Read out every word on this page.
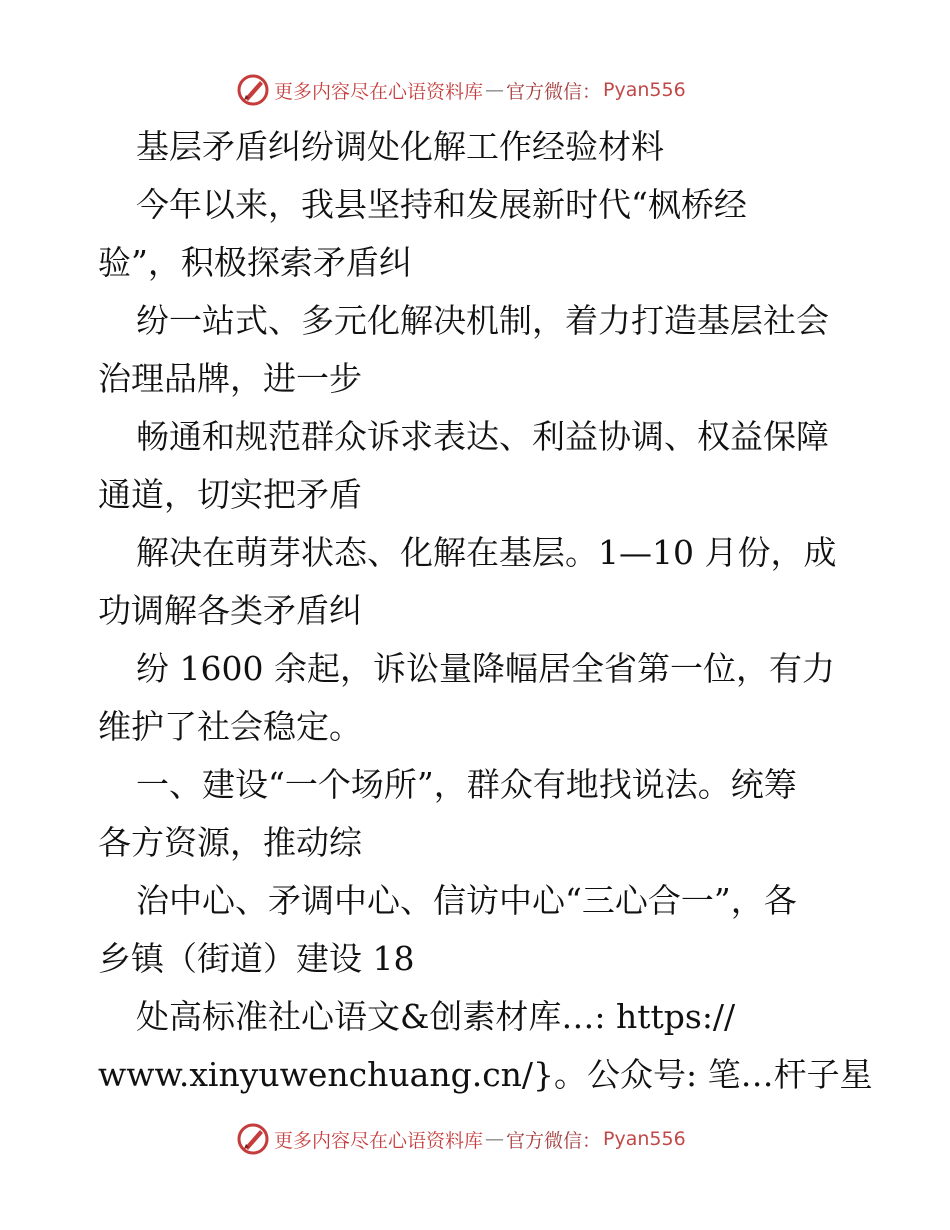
更多内容尽在心语资料库 — 官方微信： Pyan556
基层矛盾纠纷调处化解工作经验材料
今年以来，我县坚持和发展新时代“枫桥经
验”，积极探索矛盾纠
纷一站式、多元化解决机制，着力打造基层社会
治理品牌，进一步
畅通和规范群众诉求表达、利益协调、权益保障
通道，切实把矛盾
解决在萌芽状态、化解在基层。1—10 月份，成
功调解各类矛盾纠
纷 1600 余起，诉讼量降幅居全省第一位，有力
维护了社会稳定。
一、建设“一个场所”，群众有地找说法。统筹
各方资源，推动综
治中心、矛调中心、信访中心“三心合一”，各
乡镇（街道）建设 18
处高标准社心语文&创素材库…: https://
www.xinyuwenchuang.cn/}。公众号: 笔…杆子星
更多内容尽在心语资料库 — 官方微信： Pyan556
